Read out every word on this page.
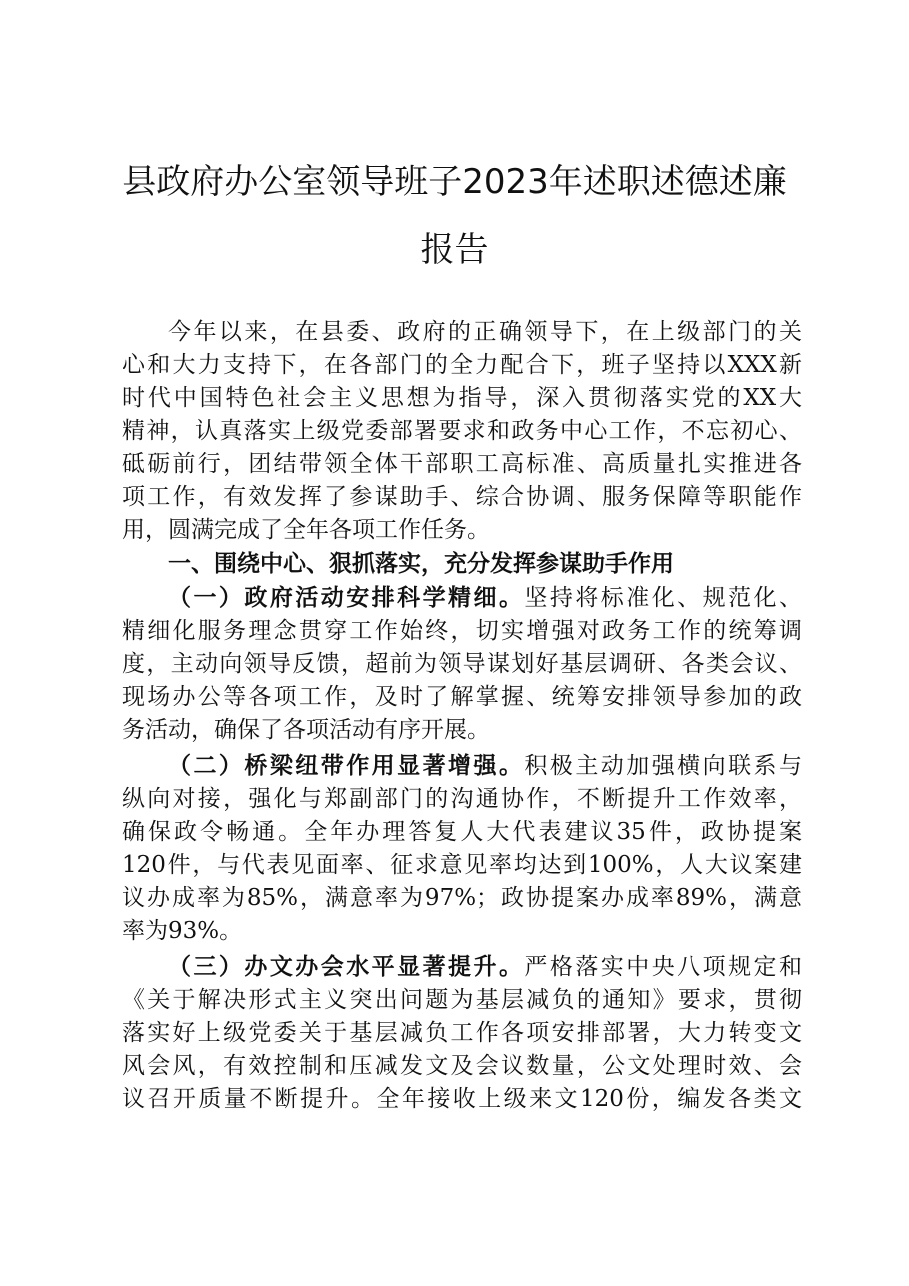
县政府办公室领导班子2023年述职述德述廉
报告
今年以来，在县委、政府的正确领导下，在上级部门的关
心和大力支持下，在各部门的全力配合下，班子坚持以XXX新
时代中国特色社会主义思想为指导，深入贯彻落实党的XX大
精神，认真落实上级党委部署要求和政务中心工作，不忘初心、
砥砺前行，团结带领全体干部职工高标准、高质量扎实推进各
项工作，有效发挥了参谋助手、综合协调、服务保障等职能作
用，圆满完成了全年各项工作任务。
一、围绕中心、狠抓落实，充分发挥参谋助手作用
（一）政府活动安排科学精细。坚持将标准化、规范化、
精细化服务理念贯穿工作始终，切实增强对政务工作的统筹调
度，主动向领导反馈，超前为领导谋划好基层调研、各类会议、
现场办公等各项工作，及时了解掌握、统筹安排领导参加的政
务活动，确保了各项活动有序开展。
（二）桥梁纽带作用显著增强。积极主动加强横向联系与
纵向对接，强化与郑副部门的沟通协作，不断提升工作效率，
确保政令畅通。全年办理答复人大代表建议35件，政协提案
120件，与代表见面率、征求意见率均达到100%，人大议案建
议办成率为85%，满意率为97%；政协提案办成率89%，满意
率为93%。
（三）办文办会水平显著提升。严格落实中央八项规定和
《关于解决形式主义突出问题为基层减负的通知》要求，贯彻
落实好上级党委关于基层减负工作各项安排部署，大力转变文
风会风，有效控制和压减发文及会议数量，公文处理时效、会
议召开质量不断提升。全年接收上级来文120份，编发各类文
